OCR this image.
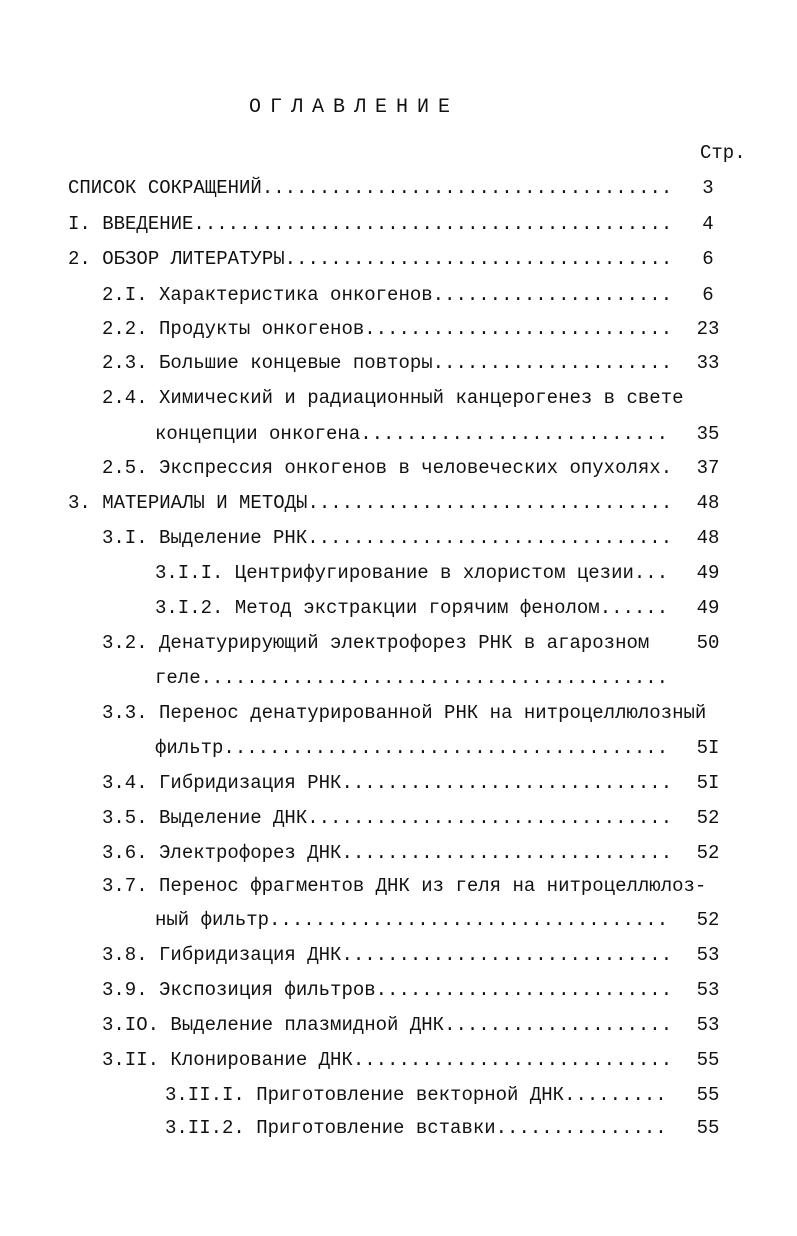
ОГЛАВЛЕНИЕ
Стр.
СПИСОК СОКРАЩЕНИЙ .....	3
I. ВВЕДЕНИЕ .....	4
2. ОБЗОР ЛИТЕРАТУРЫ .....	6
2.I. Характеристика онкогенов .....	6
2.2. Продукты онкогенов .....	23
2.3. Большие концевые повторы .....	33
2.4. Химический и радиационный канцерогенез в свете
концепции онкогена .....	35
2.5. Экспрессия онкогенов в человеческих опухолях .....	37
3. МАТЕРИАЛЫ И МЕТОДЫ .....	48
3.I. Выделение РНК .....	48
3.I.I. Центрифугирование в хлористом цезии .....	49
3.I.2. Метод экстракции горячим фенолом .....	49
3.2. Денатурирующий электрофорез РНК в агарозном	50
геле
.....
3.3. Перенос денатурированной РНК на нитроцеллюлозный
фильтр .....	5I
3.4. Гибридизация РНК .....	5I
3.5. Выделение ДНК .....	52
3.6. Электрофорез ДНК .....	52
3.7. Перенос фрагментов ДНК из геля на нитроцеллюлоз-
ный фильтр .....	52
3.8. Гибридизация ДНК .....	53
3.9. Экспозиция фильтров .....	53
3.IO. Выделение плазмидной ДНК .....	53
3.II. Клонирование ДНК .....	55
3.II.I. Приготовление векторной ДНК .....	55
3.II.2. Приготовление вставки .....	55
